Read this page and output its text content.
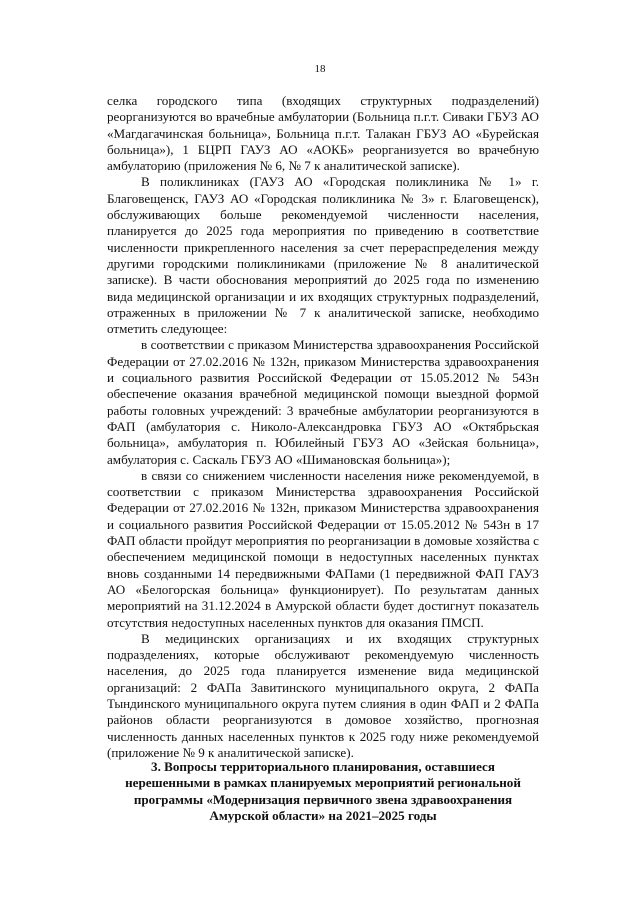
18

селка городского типа (входящих структурных подразделений) реорганизуются во врачебные амбулатории (Больница п.г.т. Сиваки ГБУЗ АО «Магдагачинская больница», Больница п.г.т. Талакан ГБУЗ АО «Бурейская больница»), 1 БЦРП ГАУЗ АО «АОКБ» реорганизуется во врачебную амбулаторию (приложения № 6, № 7 к аналитической записке).

В поликлиниках (ГАУЗ АО «Городская поликлиника № 1» г. Благовещенск, ГАУЗ АО «Городская поликлиника № 3» г. Благовещенск), обслуживающих больше рекомендуемой численности населения, планируется до 2025 года мероприятия по приведению в соответствие численности прикрепленного населения за счет перераспределения между другими городскими поликлиниками (приложение № 8 аналитической записке). В части обоснования мероприятий до 2025 года по изменению вида медицинской организации и их входящих структурных подразделений, отраженных в приложении № 7 к аналитической записке, необходимо отметить следующее:

в соответствии с приказом Министерства здравоохранения Российской Федерации от 27.02.2016 № 132н, приказом Министерства здравоохранения и социального развития Российской Федерации от 15.05.2012 № 543н обеспечение оказания врачебной медицинской помощи выездной формой работы головных учреждений: 3 врачебные амбулатории реорганизуются в ФАП (амбулатория с. Николо-Александровка ГБУЗ АО «Октябрьская больница», амбулатория п. Юбилейный ГБУЗ АО «Зейская больница», амбулатория с. Саскаль ГБУЗ АО «Шимановская больница»);

в связи со снижением численности населения ниже рекомендуемой, в соответствии с приказом Министерства здравоохранения Российской Федерации от 27.02.2016 № 132н, приказом Министерства здравоохранения и социального развития Российской Федерации от 15.05.2012 № 543н в 17 ФАП области пройдут мероприятия по реорганизации в домовые хозяйства с обеспечением медицинской помощи в недоступных населенных пунктах вновь созданными 14 передвижными ФАПами (1 передвижной ФАП ГАУЗ АО «Белогорская больница» функционирует). По результатам данных мероприятий на 31.12.2024 в Амурской области будет достигнут показатель отсутствия недоступных населенных пунктов для оказания ПМСП.

В медицинских организациях и их входящих структурных подразделениях, которые обслуживают рекомендуемую численность населения, до 2025 года планируется изменение вида медицинской организаций: 2 ФАПа Завитинского муниципального округа, 2 ФАПа Тындинского муниципального округа путем слияния в один ФАП и 2 ФАПа районов области реорганизуются в домовое хозяйство, прогнозная численность данных населенных пунктов к 2025 году ниже рекомендуемой (приложение № 9 к аналитической записке).

3. Вопросы территориального планирования, оставшиеся нерешенными в рамках планируемых мероприятий региональной программы «Модернизация первичного звена здравоохранения Амурской области» на 2021–2025 годы
